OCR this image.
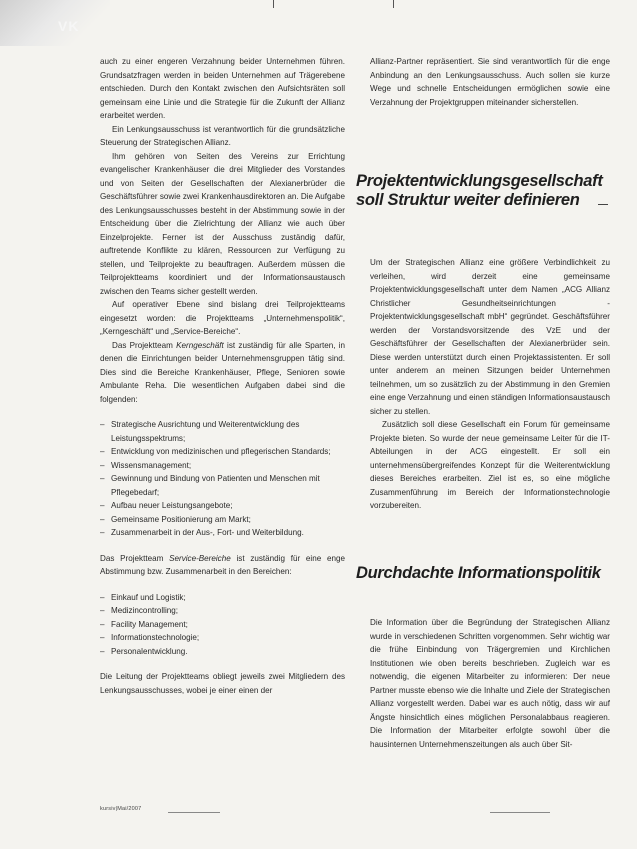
VK

auch zu einer engeren Verzahnung beider Unternehmen führen. Grundsatzfragen werden in beiden Unternehmen auf Trägerebene entschieden. Durch den Kontakt zwischen den Aufsichtsräten soll gemeinsam eine Linie und die Strategie für die Zukunft der Allianz erarbeitet werden.

Ein Lenkungsausschuss ist verantwortlich für die grundsätzliche Steuerung der Strategischen Allianz.

Ihm gehören von Seiten des Vereins zur Errichtung evangelischer Krankenhäuser die drei Mitglieder des Vorstandes und von Seiten der Gesellschaften der Alexianerbrüder die Geschäftsführer sowie zwei Krankenhausdirektoren an. Die Aufgabe des Lenkungsausschusses besteht in der Abstimmung sowie in der Entscheidung über die Zielrichtung der Allianz wie auch über Einzelprojekte. Ferner ist der Ausschuss zuständig dafür, auftretende Konflikte zu klären, Ressourcen zur Verfügung zu stellen, und Teilprojekte zu beauftragen. Außerdem müssen die Teilprojektteams koordiniert und der Informationsaustausch zwischen den Teams sicher gestellt werden.

Auf operativer Ebene sind bislang drei Teilprojektteams eingesetzt worden: die Projektteams „Unternehmenspolitik“, „Kerngeschäft“ und „Service-Bereiche“.

Das Projektteam Kerngeschäft ist zuständig für alle Sparten, in denen die Einrichtungen beider Unternehmensgruppen tätig sind. Dies sind die Bereiche Krankenhäuser, Pflege, Senioren sowie Ambulante Reha. Die wesentlichen Aufgaben dabei sind die folgenden:

– Strategische Ausrichtung und Weiterentwicklung des Leistungsspektrums;
– Entwicklung von medizinischen und pflegerischen Standards;
– Wissensmanagement;
– Gewinnung und Bindung von Patienten und Menschen mit Pflegebedarf;
– Aufbau neuer Leistungsangebote;
– Gemeinsame Positionierung am Markt;
– Zusammenarbeit in der Aus-, Fort- und Weiterbildung.

Das Projektteam Service-Bereiche ist zuständig für eine enge Abstimmung bzw. Zusammenarbeit in den Bereichen:

– Einkauf und Logistik;
– Medizincontrolling;
– Facility Management;
– Informationstechnologie;
– Personalentwicklung.

Die Leitung der Projektteams obliegt jeweils zwei Mitgliedern des Lenkungsausschusses, wobei je einer einen der

Allianz-Partner repräsentiert. Sie sind verantwortlich für die enge Anbindung an den Lenkungsausschuss. Auch sollen sie kurze Wege und schnelle Entscheidungen ermöglichen sowie eine Verzahnung der Projektgruppen miteinander sicherstellen.

Projektentwicklungsgesellschaft soll Struktur weiter definieren

Um der Strategischen Allianz eine größere Verbindlichkeit zu verleihen, wird derzeit eine gemeinsame Projektentwicklungsgesellschaft unter dem Namen „ACG Allianz Christlicher Gesundheitseinrichtungen - Projektentwicklungsgesellschaft mbH“ gegründet. Geschäftsführer werden der Vorstandsvorsitzende des VzE und der Geschäftsführer der Gesellschaften der Alexianerbrüder sein. Diese werden unterstützt durch einen Projektassistenten. Er soll unter anderem an meinen Sitzungen beider Unternehmen teilnehmen, um so zusätzlich zu der Abstimmung in den Gremien eine enge Verzahnung und einen ständigen Informationsaustausch sicher zu stellen.

Zusätzlich soll diese Gesellschaft ein Forum für gemeinsame Projekte bieten. So wurde der neue gemeinsame Leiter für die IT-Abteilungen in der ACG eingestellt. Er soll ein unternehmensübergreifendes Konzept für die Weiterentwicklung dieses Bereiches erarbeiten. Ziel ist es, so eine mögliche Zusammenführung im Bereich der Informationstechnologie vorzubereiten.

Durchdachte Informationspolitik

Die Information über die Begründung der Strategischen Allianz wurde in verschiedenen Schritten vorgenommen. Sehr wichtig war die frühe Einbindung von Trägergremien und Kirchlichen Institutionen wie oben bereits beschrieben. Zugleich war es notwendig, die eigenen Mitarbeiter zu informieren: Der neue Partner musste ebenso wie die Inhalte und Ziele der Strategischen Allianz vorgestellt werden. Dabei war es auch nötig, dass wir auf Ängste hinsichtlich eines möglichen Personalabbaus reagieren. Die Information der Mitarbeiter erfolgte sowohl über die hausinternen Unternehmenszeitungen als auch über Sit-

kursiv|Mai/2007
